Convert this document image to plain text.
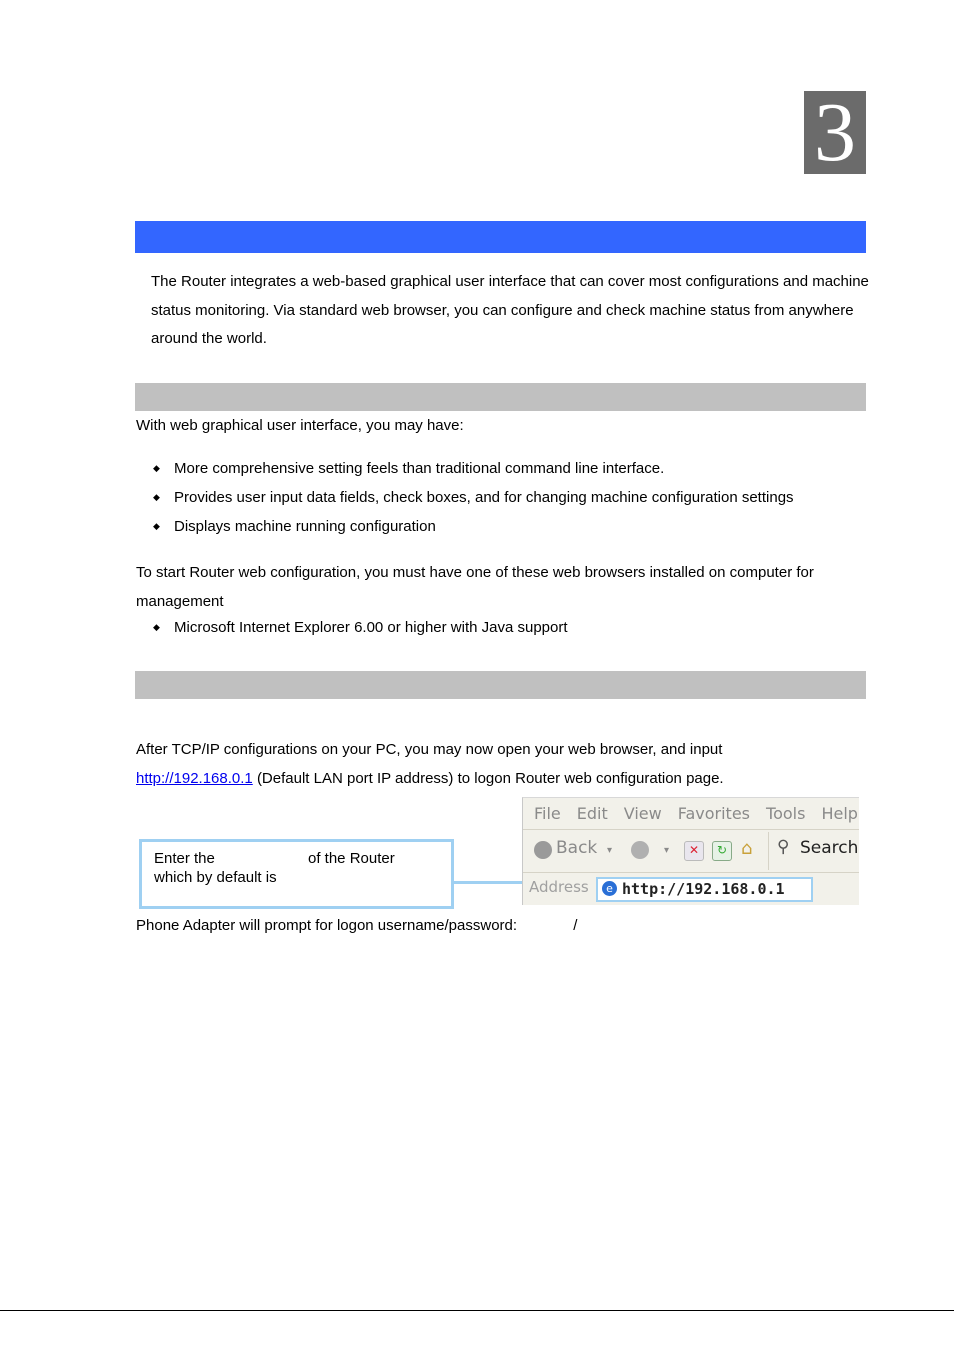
3
The Router integrates a web-based graphical user interface that can cover most configurations and machine status monitoring. Via standard web browser, you can configure and check machine status from anywhere around the world.
With web graphical user interface, you may have:
◆ More comprehensive setting feels than traditional command line interface.
◆ Provides user input data fields, check boxes, and for changing machine configuration settings
◆ Displays machine running configuration
To start Router web configuration, you must have one of these web browsers installed on computer for management
◆ Microsoft Internet Explorer 6.00 or higher with Java support
After TCP/IP configurations on your PC, you may now open your web browser, and input
http://192.168.0.1 (Default LAN port IP address) to logon Router web configuration page.
Enter the	of the Router
which by default is
File Edit View Favorites Tools Help
Back ▾	▾	✕	↻ ⌂ ⚲ Search
Address	e http://192.168.0.1
Phone Adapter will prompt for logon username/password:	/
